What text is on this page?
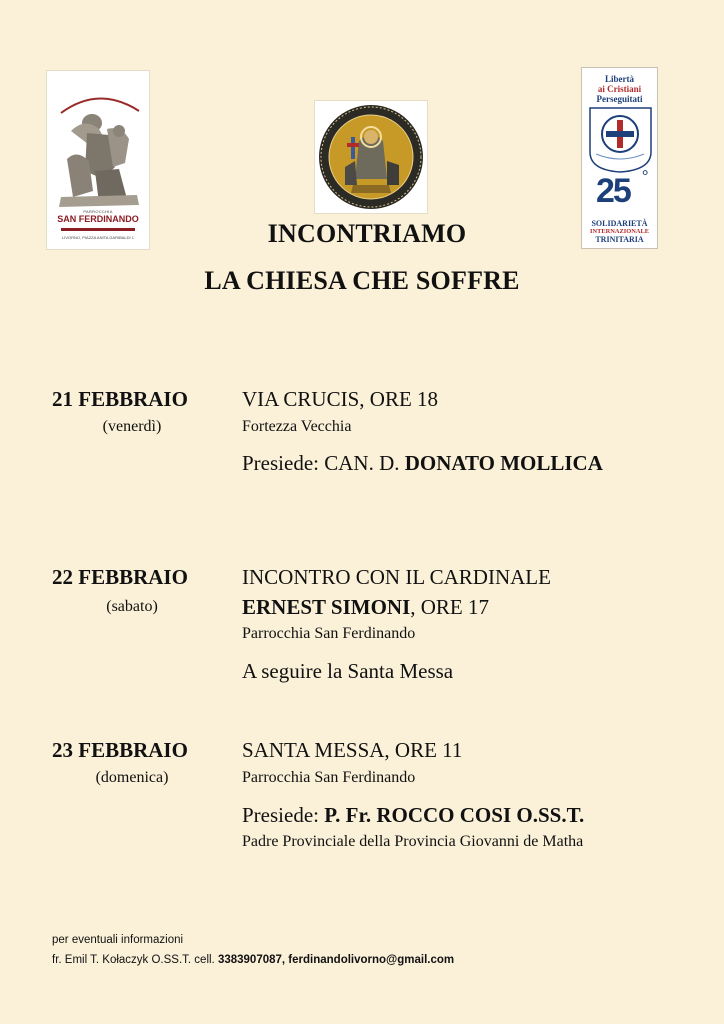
PARROCCHIA
SAN FERDINANDO
LIVORNO, PIAZZA ANITA GARIBALDI 1
Libertà
ai Cristiani
Perseguitati
25 °
SOLIDARIETÀ
INTERNAZIONALE
TRINITARIA
INCONTRIAMO
LA CHIESA CHE SOFFRE
21 FEBBRAIO
(venerdì)
VIA CRUCIS, ORE 18
Fortezza Vecchia
Presiede: CAN. D. DONATO MOLLICA
22 FEBBRAIO
(sabato)
INCONTRO CON IL CARDINALE
ERNEST SIMONI, ORE 17
Parrocchia San Ferdinando
A seguire la Santa Messa
23 FEBBRAIO
(domenica)
SANTA MESSA, ORE 11
Parrocchia San Ferdinando
Presiede: P. Fr. ROCCO COSI O.SS.T.
Padre Provinciale della Provincia Giovanni de Matha
per eventuali informazioni
fr. Emil T. Kołaczyk O.SS.T. cell. 3383907087, ferdinandolivorno@gmail.com
